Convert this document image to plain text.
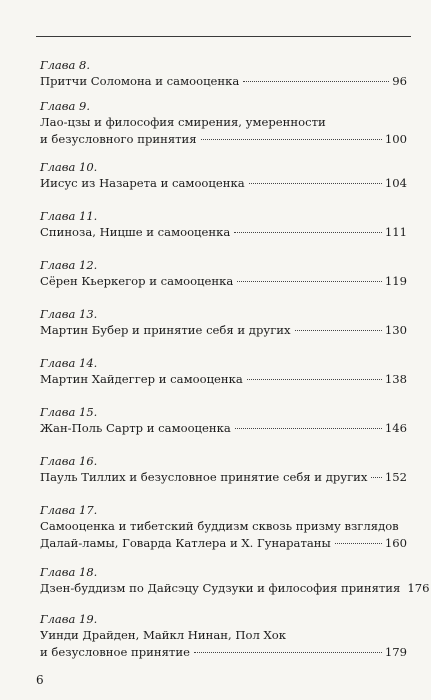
Глава 8.
Притчи Соломона и самооценка	96
Глава 9.
Лао-цзы и философия смирения, умеренности
и безусловного принятия	100
Глава 10.
Иисус из Назарета и самооценка	104
Глава 11.
Спиноза, Ницше и самооценка	111
Глава 12.
Сёрен Кьеркегор и самооценка	119
Глава 13.
Мартин Бубер и принятие себя и других	130
Глава 14.
Мартин Хайдеггер и самооценка	138
Глава 15.
Жан-Поль Сартр и самооценка	146
Глава 16.
Пауль Тиллих и безусловное принятие себя и других 152
Глава 17.
Самооценка и тибетский буддизм сквозь призму взглядов
Далай-ламы, Говарда Катлера и Х. Гунаратаны	160
Глава 18.
Дзен-буддизм по Дайсэцу Судзуки и философия принятия 176
Глава 19.
Уинди Драйден, Майкл Нинан, Пол Хок
и безусловное принятие	179
6
